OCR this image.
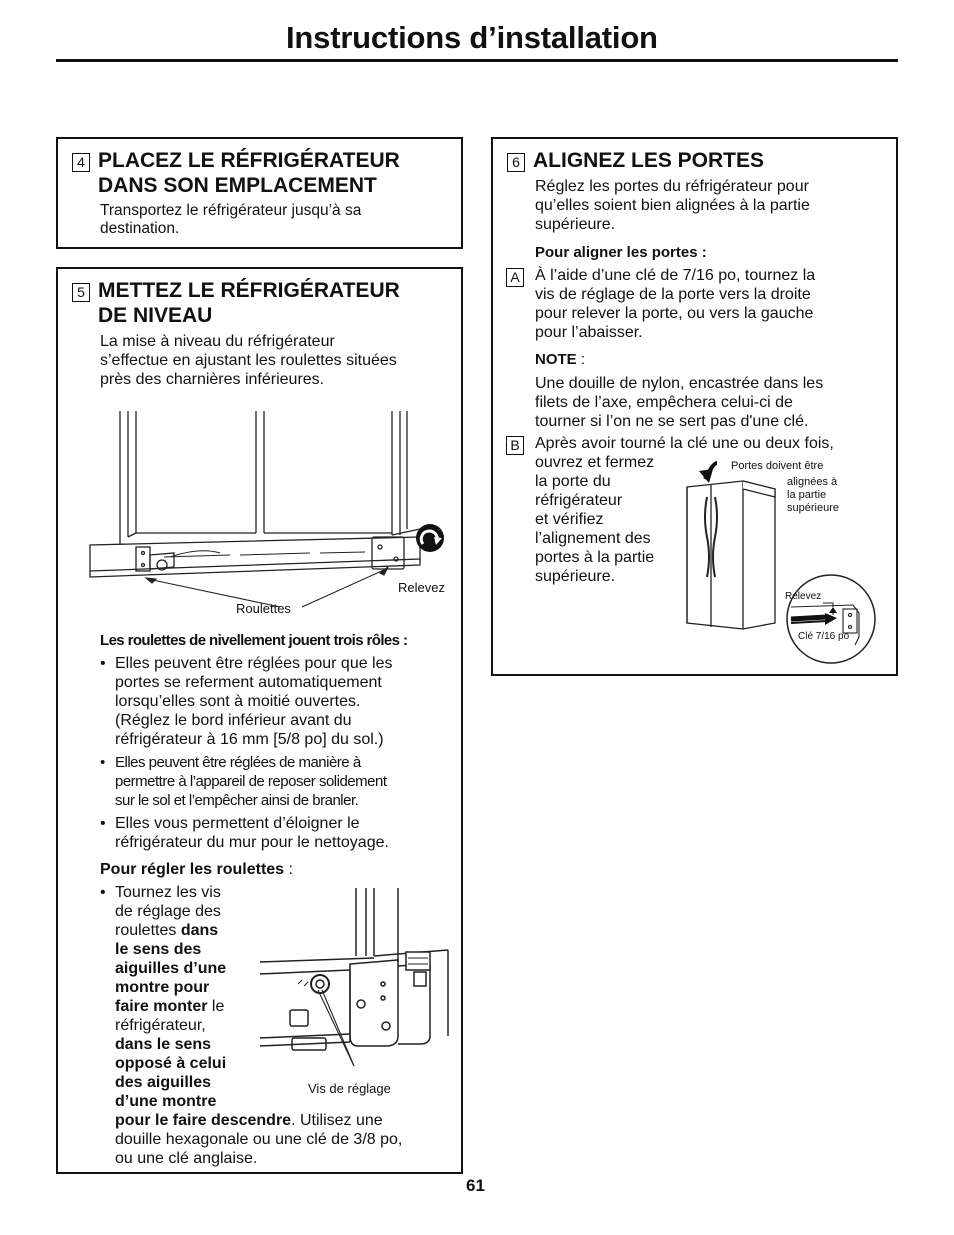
Instructions d’installation
4 PLACEZ LE RÉFRIGÉRATEUR
DANS SON EMPLACEMENT
Transportez le réfrigérateur jusqu’à sa
destination.
5 METTEZ LE RÉFRIGÉRATEUR
DE NIVEAU
La mise à niveau du réfrigérateur
s’effectue en ajustant les roulettes situées
près des charnières inférieures.
Relevez
Roulettes
Les roulettes de nivellement jouent trois rôles :
• Elles peuvent être réglées pour que les
portes se referment automatiquement
lorsqu’elles sont à moitié ouvertes.
(Réglez le bord inférieur avant du
réfrigérateur à 16 mm [5/8 po] du sol.)
• Elles peuvent être réglées de manière à
permettre à l’appareil de reposer solidement
sur le sol et l’empêcher ainsi de branler.
• Elles vous permettent d’éloigner le
réfrigérateur du mur pour le nettoyage.
Pour régler les roulettes :
• Tournez les vis
de réglage des
roulettes dans
le sens des
aiguilles d’une
montre pour
faire monter le
réfrigérateur,
dans le sens
opposé à celui
des aiguilles
d’une montre
pour le faire descendre. Utilisez une
douille hexagonale ou une clé de 3/8 po,
ou une clé anglaise.
Vis de réglage
6 ALIGNEZ LES PORTES
Réglez les portes du réfrigérateur pour
qu’elles soient bien alignées à la partie
supérieure.
Pour aligner les portes :
A À l’aide d’une clé de 7/16 po, tournez la
vis de réglage de la porte vers la droite
pour relever la porte, ou vers la gauche
pour l’abaisser.
NOTE :
Une douille de nylon, encastrée dans les
filets de l’axe, empêchera celui-ci de
tourner si l’on ne se sert pas d'une clé.
B Après avoir tourné la clé une ou deux fois,
ouvrez et fermez
la porte du
réfrigérateur
et vérifiez
l’alignement des
portes à la partie
supérieure.
Portes doivent être
alignées à
la partie
supérieure
Relevez
Clé 7/16 po
61
